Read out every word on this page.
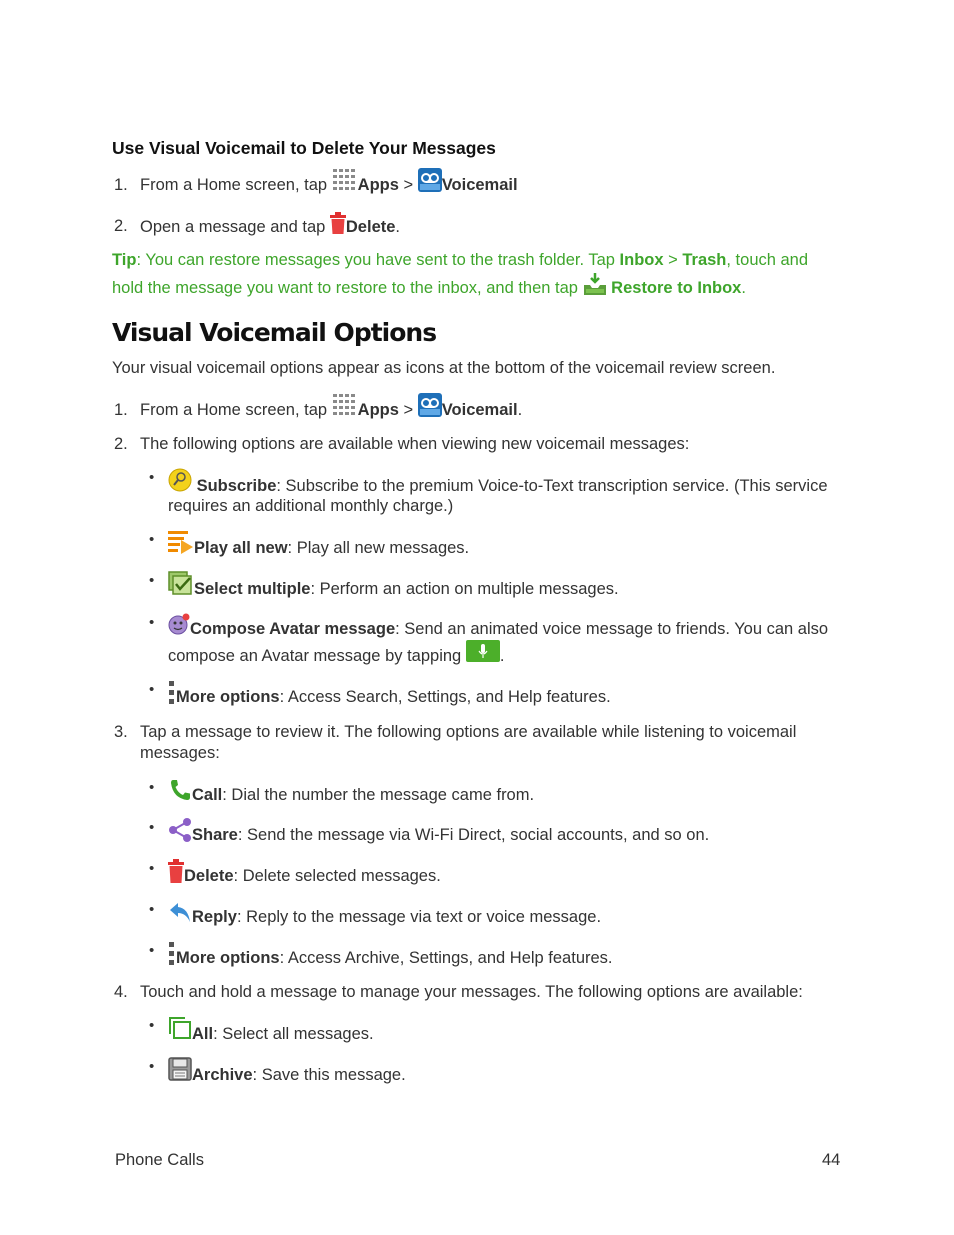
Use Visual Voicemail to Delete Your Messages
1. From a Home screen, tap Apps > Voicemail
2. Open a message and tap Delete.
Tip: You can restore messages you have sent to the trash folder. Tap Inbox > Trash, touch and
hold the message you want to restore to the inbox, and then tap Restore to Inbox.
Visual Voicemail Options
Your visual voicemail options appear as icons at the bottom of the voicemail review screen.
1. From a Home screen, tap Apps > Voicemail.
2. The following options are available when viewing new voicemail messages:
• Subscribe: Subscribe to the premium Voice-to-Text transcription service. (This service
requires an additional monthly charge.)
• Play all new: Play all new messages.
• Select multiple: Perform an action on multiple messages.
• Compose Avatar message: Send an animated voice message to friends. You can also
compose an Avatar message by tapping .
• More options: Access Search, Settings, and Help features.
3. Tap a message to review it. The following options are available while listening to voicemail
messages:
• Call: Dial the number the message came from.
• Share: Send the message via Wi-Fi Direct, social accounts, and so on.
• Delete: Delete selected messages.
• Reply: Reply to the message via text or voice message.
• More options: Access Archive, Settings, and Help features.
4. Touch and hold a message to manage your messages. The following options are available:
• All: Select all messages.
• Archive: Save this message.
Phone Calls	44
